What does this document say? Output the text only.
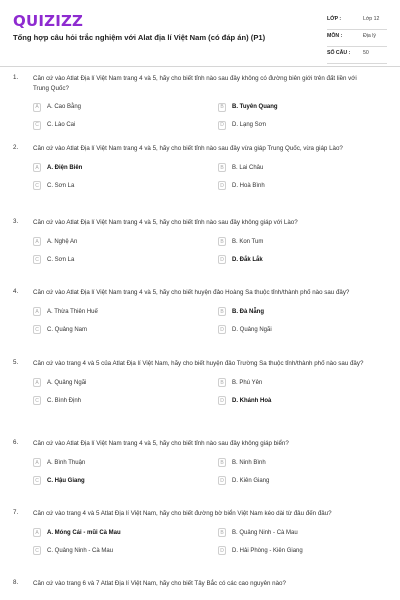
QUIZIZZ
Tổng hợp câu hỏi trắc nghiệm với Alat địa lí Việt Nam (có đáp án) (P1)
LỚP :	Lớp 12
MÔN :	Địa lý
SỐ CÂU : 50
1. Căn cứ vào Atlat Địa lí Việt Nam trang 4 và 5, hãy cho biết tỉnh nào sau đây không có đường biên giới trên đất liền với Trung Quốc?
A	A. Cao Bằng	B	B. Tuyên Quang
C	C. Lào Cai	D	D. Lạng Sơn
2. Căn cứ vào Atlat Địa lí Việt Nam trang 4 và 5, hãy cho biết tỉnh nào sau đây vừa giáp Trung Quốc, vừa giáp Lào?
A	A. Điện Biên	B	B. Lai Châu
C	C. Sơn La	D	D. Hoà Bình
3. Căn cứ vào Atlat Địa lí Việt Nam trang 4 và 5, hãy cho biết tỉnh nào sau đây không giáp với Lào?
A	A. Nghệ An	B	B. Kon Tum
C	C. Sơn La	D	D. Đắk Lắk
4. Căn cứ vào Atlat Địa lí Việt Nam trang 4 và 5, hãy cho biết huyện đảo Hoàng Sa thuộc tỉnh/thành phố nào sau đây?
A	A. Thừa Thiên Huế	B	B. Đà Nẵng
C	C. Quảng Nam	D	D. Quảng Ngãi
5. Căn cứ vào trang 4 và 5 của Atlat Địa lí Việt Nam, hãy cho biết huyện đảo Trường Sa thuộc tỉnh/thành phố nào sau đây?
A	A. Quảng Ngãi	B	B. Phú Yên
C	C. Bình Định	D	D. Khánh Hoà
6. Căn cứ vào Atlat Địa lí Việt Nam trang 4 và 5, hãy cho biết tỉnh nào sau đây không giáp biển?
A	A. Bình Thuận	B	B. Ninh Bình
C	C. Hậu Giang	D	D. Kiên Giang
7. Căn cứ vào trang 4 và 5 Atlat Địa lí Việt Nam, hãy cho biết đường bờ biển Việt Nam kéo dài từ đâu đến đâu?
A	A. Móng Cái - mũi Cà Mau	B	B. Quảng Ninh - Cà Mau
C	C. Quảng Ninh - Cà Mau	D	D. Hải Phòng - Kiên Giang
8. Căn cứ vào trang 6 và 7 Atlat Địa lí Việt Nam, hãy cho biết Tây Bắc có các cao nguyên nào?
